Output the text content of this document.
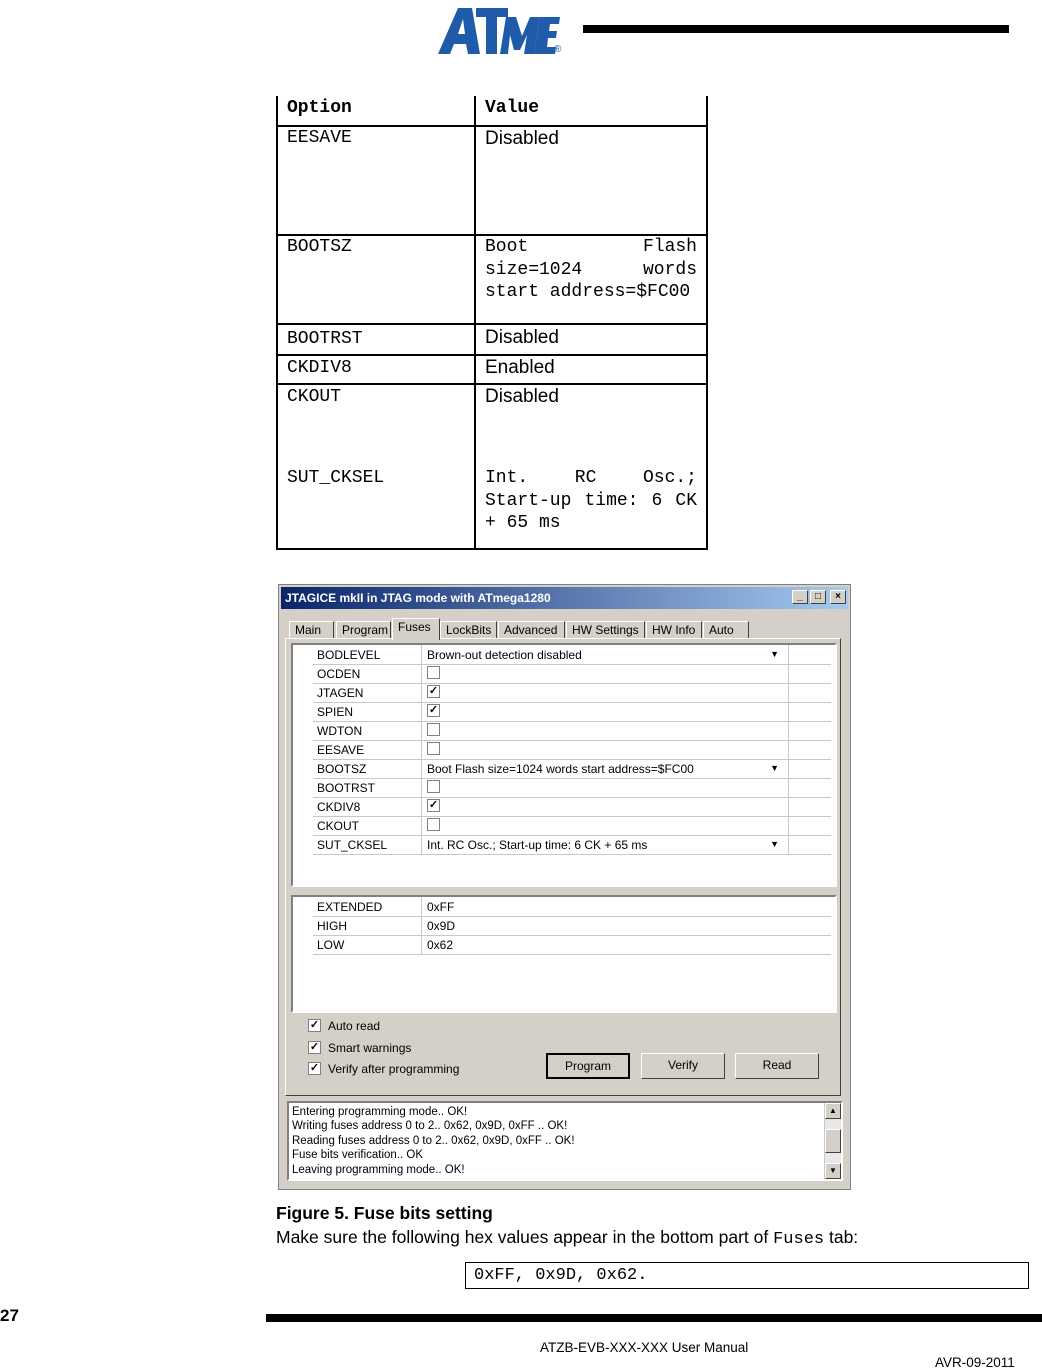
®
Option	Value
EESAVE	Disabled
BOOTSZ	Boot Flash size=1024 words start address=$FC00
BOOTRST	Disabled
CKDIV8	Enabled
CKOUT	Disabled
SUT_CKSEL	Int. RC Osc.; Start-up time: 6 CK + 65 ms
JTAGICE mkII in JTAG mode with ATmega1280	_	□	×
Main	Program Fuses	LockBits	Advanced	HW Settings	HW Info	Auto
BODLEVEL	Brown-out detection disabled	▼
OCDEN
JTAGEN	✓
SPIEN	✓
WDTON
EESAVE
BOOTSZ	Boot Flash size=1024 words start address=$FC00	▼
BOOTRST
CKDIV8	✓
CKOUT
SUT_CKSEL	Int. RC Osc.; Start-up time: 6 CK + 65 ms	▼
EXTENDED	0xFF
HIGH	0x9D
LOW	0x62
✓ Auto read
✓ Smart warnings
✓ Verify after programming	Program	Verify	Read
Entering programming mode.. OK!
Writing fuses address 0 to 2.. 0x62, 0x9D, 0xFF .. OK!
Reading fuses address 0 to 2.. 0x62, 0x9D, 0xFF .. OK!
Fuse bits verification.. OK
Leaving programming mode.. OK!
▲
▼
Figure 5. Fuse bits setting
Make sure the following hex values appear in the bottom part of Fuses tab:
0xFF, 0x9D, 0x62.
27
ATZB-EVB-XXX-XXX User Manual
AVR-09-2011
